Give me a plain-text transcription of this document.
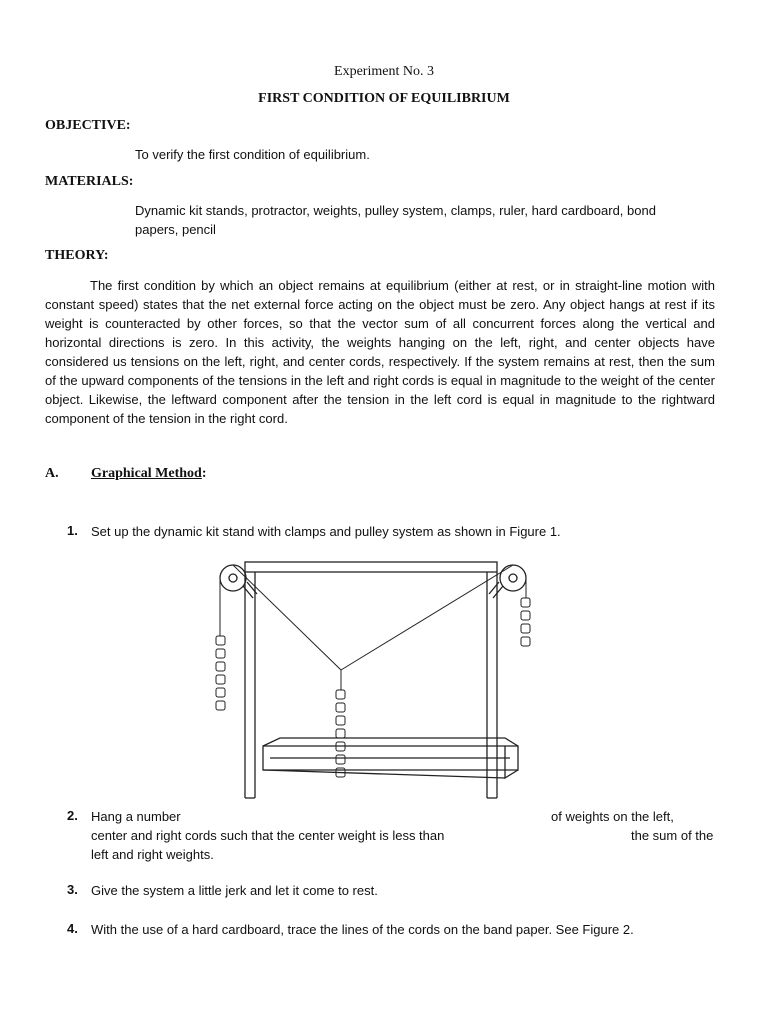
Experiment No. 3
FIRST CONDITION OF EQUILIBRIUM
OBJECTIVE:
To verify the first condition of equilibrium.
MATERIALS:
Dynamic kit stands, protractor, weights, pulley system, clamps, ruler, hard cardboard, bond
papers, pencil
THEORY:
The first condition by which an object remains at equilibrium (either at rest, or in straight-line motion with constant speed) states that the net external force acting on the object must be zero. Any object hangs at rest if its weight is counteracted by other forces, so that the vector sum of all concurrent forces along the vertical and horizontal directions is zero. In this activity, the weights hanging on the left, right, and center objects have considered us tensions on the left, right, and center cords, respectively. If the system remains at rest, then the sum of the upward components of the tensions in the left and right cords is equal in magnitude to the weight of the center object. Likewise, the leftward component after the tension in the left cord is equal in magnitude to the rightward component of the tension in the right cord.
A. Graphical Method:
1. Set up the dynamic kit stand with clamps and pulley system as shown in Figure 1.
2. Hang a number	of weights on the left,
center and right cords such that the center weight is less than	the sum of the
left and right weights.
3. Give the system a little jerk and let it come to rest.
4. With the use of a hard cardboard, trace the lines of the cords on the band paper. See Figure 2.
